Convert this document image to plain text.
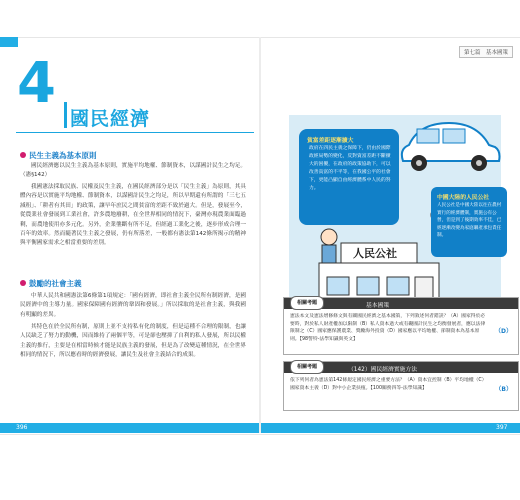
396
4
國民經濟
民生主義為基本原則
國民經濟應以民生主義為基本原則，實施平均地權、節制資本，以謀國計民生之均足。（憲§142）
我國憲法採取民族、民權及民生主義，在國民經濟部分是以「民生主義」為原則，其具體內容是以實施平均地權、節制資本，以謀國計民生之均足，所以早期還有所謂的「三七五減租」、「耕者有其田」的政策，讓早年庶民之間貧富的差距不致於過大。但是，發展至今，從農業社會發展到工業社會，許多農地廢耕，在全世界相同的情況下，臺灣亦現農業面臨過剩，而農地使用亦多元化。另外，企業壟斷有所不足，但經過工業化之後，逐步形成合理一百年的效率。然而隨著民生主義之發展，仍有所落差，一般都有憲法第142條所揭示的精神與平衡國家需求之相當重要的差別。
鼓勵的社會主義
中華人民共和國憲法第6條第1項規定：「國有經濟，即社會主義全民所有制經濟，是國民經濟中的主導力量。國家保障國有經濟的鞏固和發展。」所以採取的是社會主義，與我國有明顯的差異。
其特色在於全民所有制，原則上並不支持私有化的制度，但是這種不合理的限制，也讓人民缺乏了努力的動機，因而維持了兩個平等，可是卻也壓抑了自利的私人發展，所以民權主義的推行，主要是在相當時候才能是民族主義的發展，但是為了改變這種情況，在全世界相同的情況下，所以應看時的經濟發展，讓民生及社會主義結合的成果。
397
第七篇　基本國策
人民公社
貧富差距逐漸擴大
政府在四民主義之保障下，仍由於國際政經局勢的變化，反對資富差距不斷擴大的困擾，在政府的政策協助下，可以改善貧富的不平等，在我國公平的社會下，更能凸顯自由經濟體系中人民的努力。
中國大陸的人民公社
人民公社是中國大陸以往在農村實行的經濟體制，實施公有公營，但是到了後期效率不佳，已經逐漸改變為家庭聯產承包責任制。
相關考題	基本國策
憲法本文及憲法增修條文與有關國民經濟之基本國策，下列敘述何者錯誤？（A）國家得於必要時，對於私人財產權加以限制（B）私人資本過大或有礙國計民生之均衡發展者，應以法律限制之（C）國家應保護農業、獎勵海外投資（D）國家應以平均地權、節制資本為基本原則。【98警特-法學知識與英文】
（D）
相關考題	（142）國民經濟實施方法
依下列何者為憲法第142條規定國民經濟之重要方法？（A）資本宜控制（B）平均地權（C）國家資本主義（D）對中小企業扶植。【100關務四等-法學知識】	（B）
